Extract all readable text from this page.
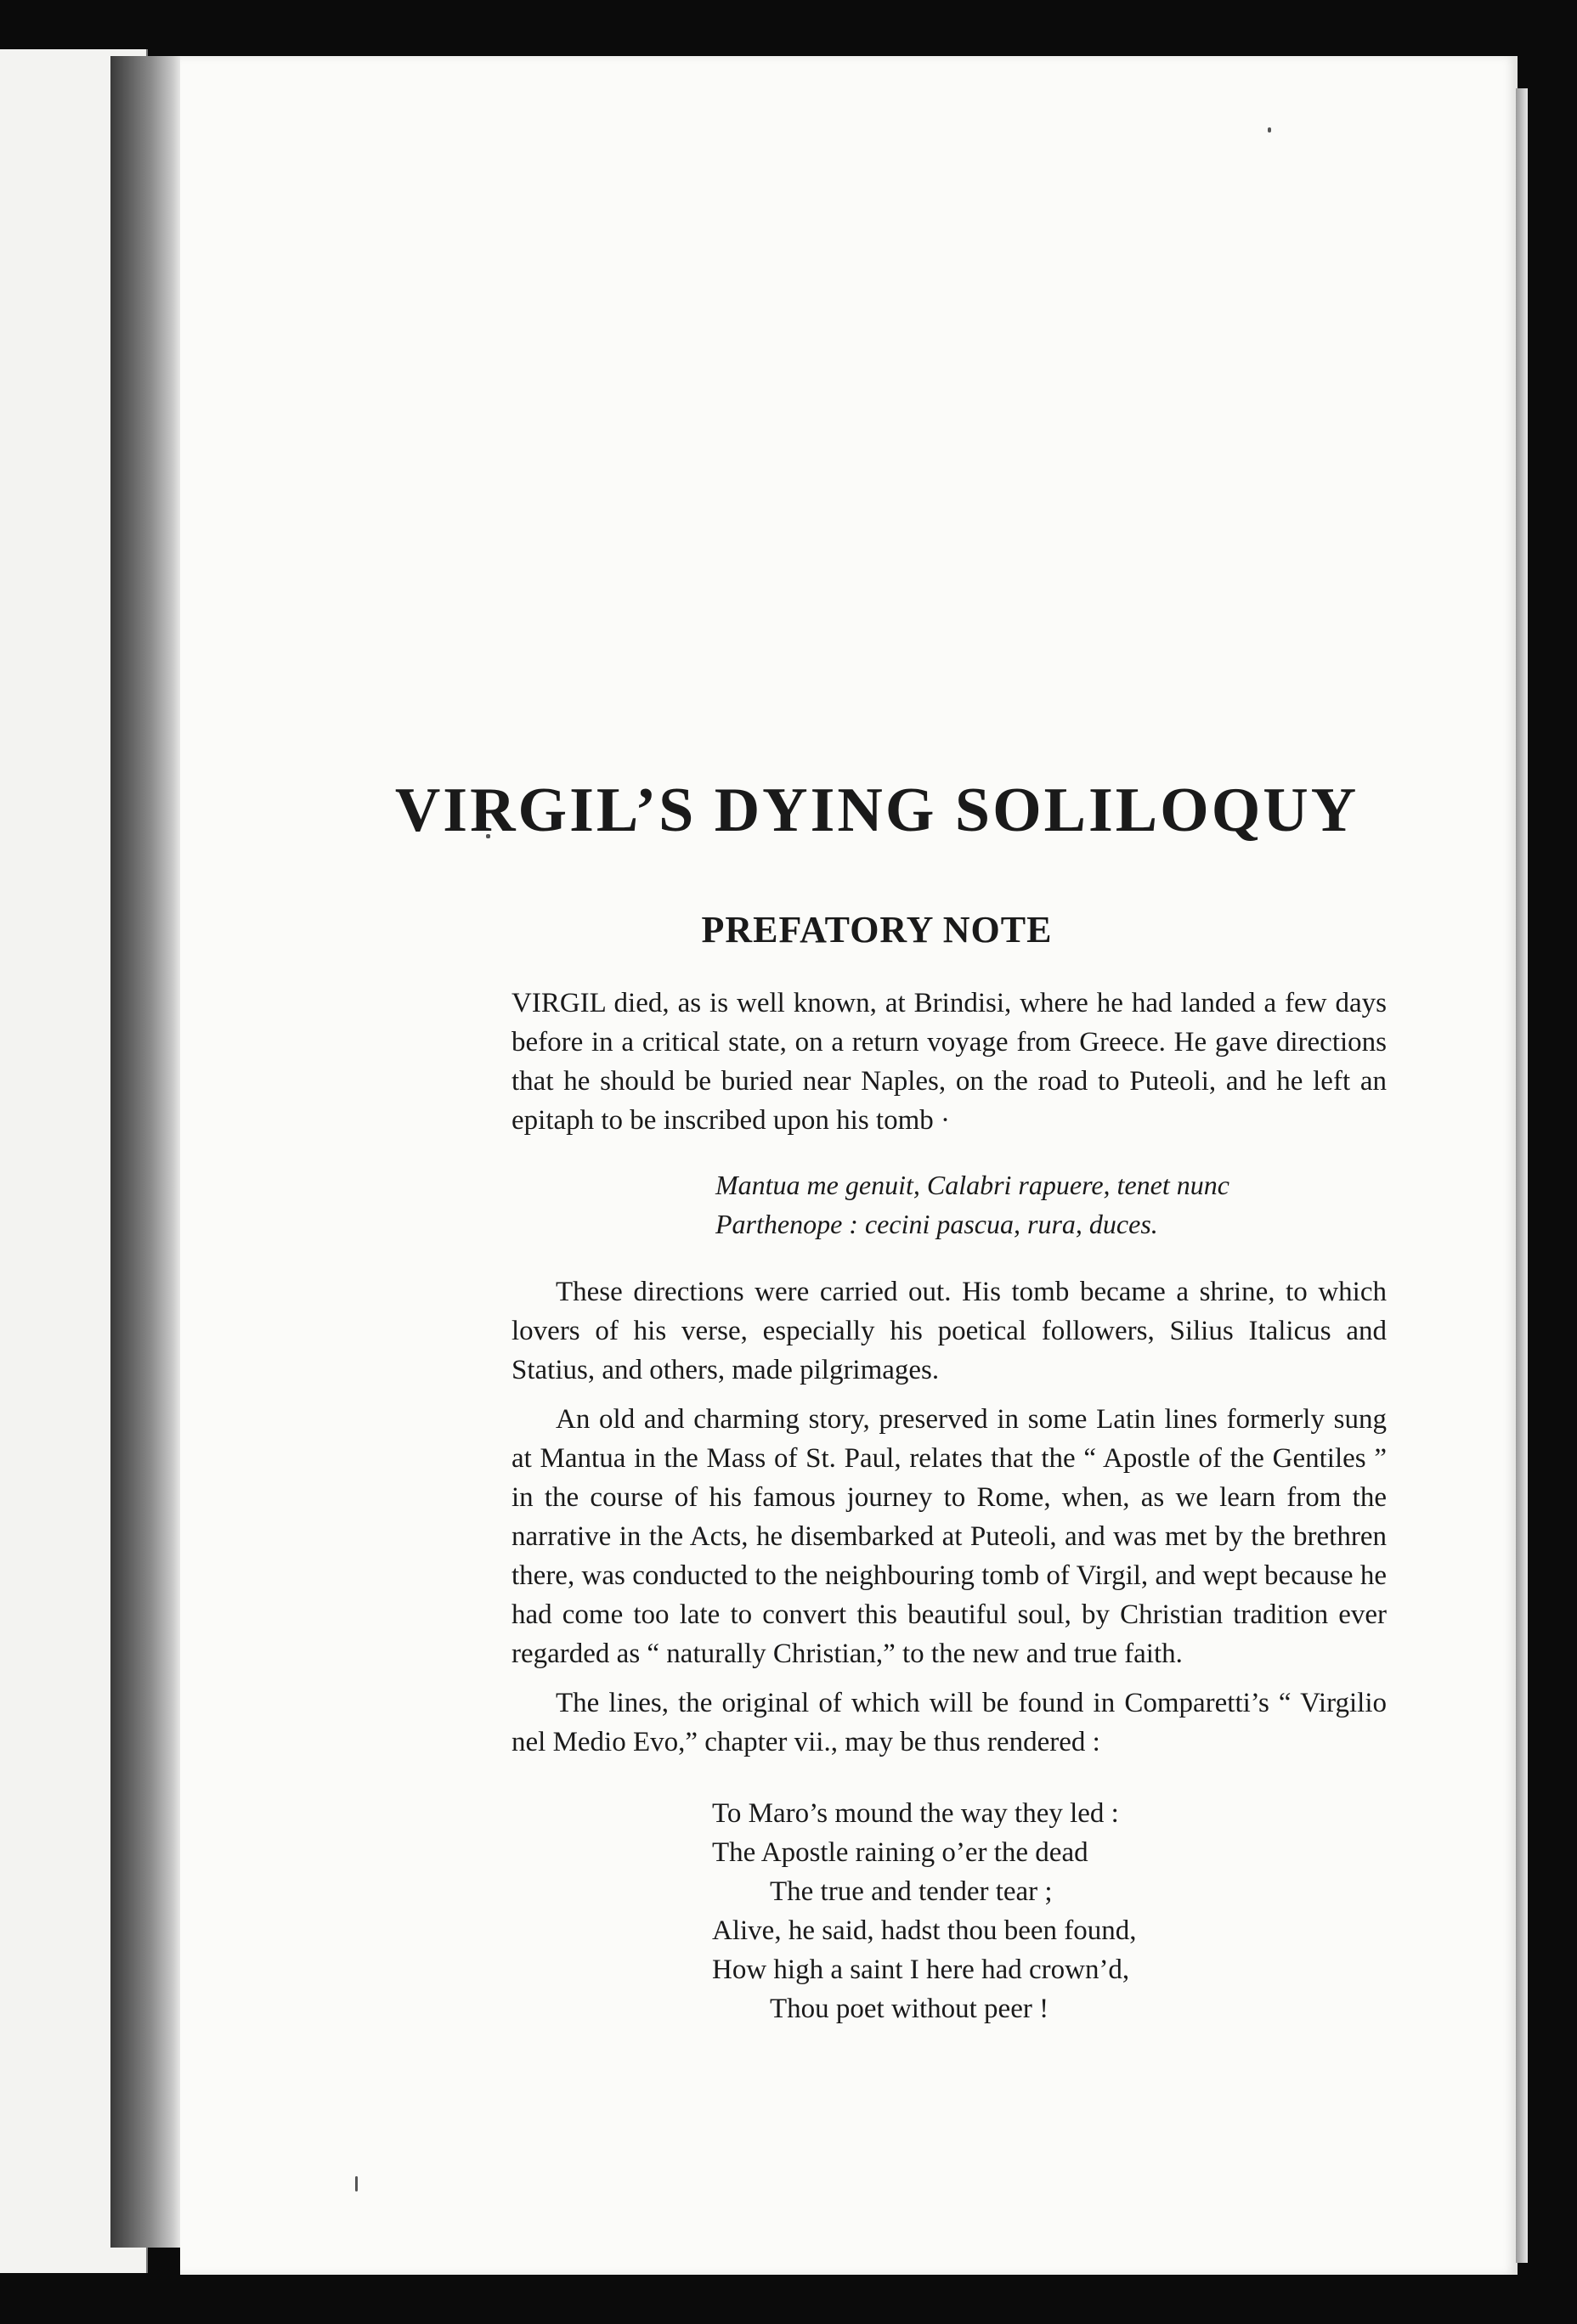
VIRGIL’S DYING SOLILOQUY
PREFATORY NOTE

VIRGIL died, as is well known, at Brindisi, where he had landed a few days before in a critical state, on a return voyage from Greece. He gave directions that he should be buried near Naples, on the road to Puteoli, and he left an epitaph to be inscribed upon his tomb ·

Mantua me genuit, Calabri rapuere, tenet nunc
Parthenope : cecini pascua, rura, duces.

These directions were carried out. His tomb became a shrine, to which lovers of his verse, especially his poetical followers, Silius Italicus and Statius, and others, made pilgrimages.

An old and charming story, preserved in some Latin lines formerly sung at Mantua in the Mass of St. Paul, relates that the “ Apostle of the Gentiles ” in the course of his famous journey to Rome, when, as we learn from the narrative in the Acts, he disembarked at Puteoli, and was met by the brethren there, was conducted to the neighbouring tomb of Virgil, and wept because he had come too late to convert this beautiful soul, by Christian tradition ever regarded as “ naturally Christian,” to the new and true faith.

The lines, the original of which will be found in Comparetti’s “ Virgilio nel Medio Evo,” chapter vii., may be thus rendered :

To Maro’s mound the way they led :
The Apostle raining o’er the dead
The true and tender tear ;
Alive, he said, hadst thou been found,
How high a saint I here had crown’d,
Thou poet without peer !
